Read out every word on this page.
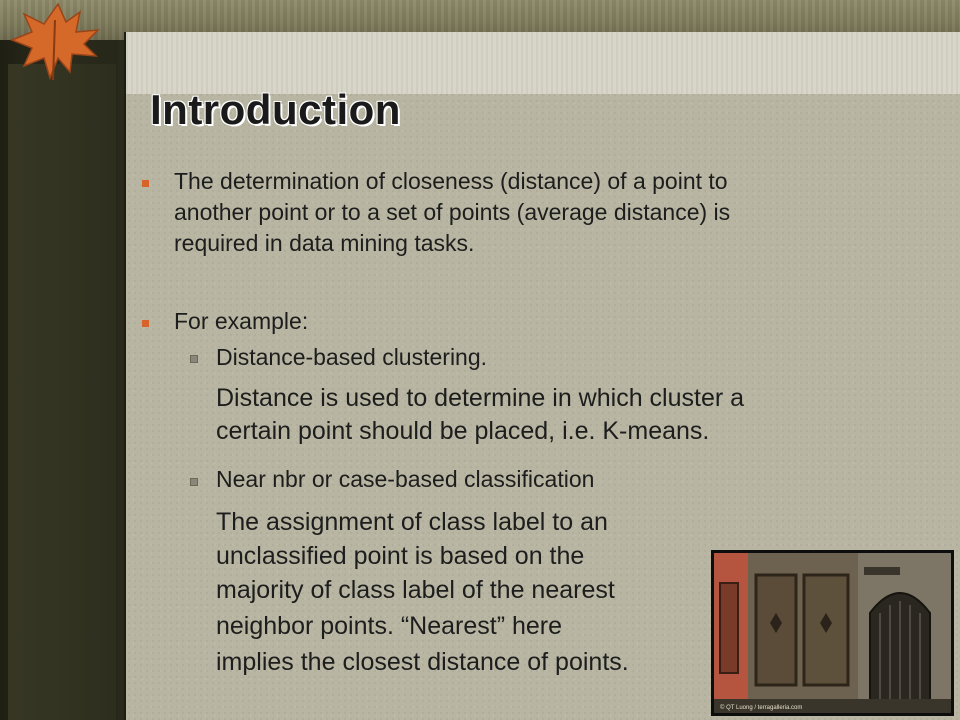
Introduction

The determination of closeness (distance) of a point to

another point or to a set of points (average distance) is

required in data mining tasks.

For example:

Distance-based clustering.

Distance is used to determine in which cluster a

certain point should be placed, i.e. K-means.

Near nbr or case-based classification

The assignment of class label to an

unclassified point is based on the

majority of class label of the nearest

neighbor points. “Nearest” here

implies the closest distance of points.

© QT Luong / terragalleria.com
